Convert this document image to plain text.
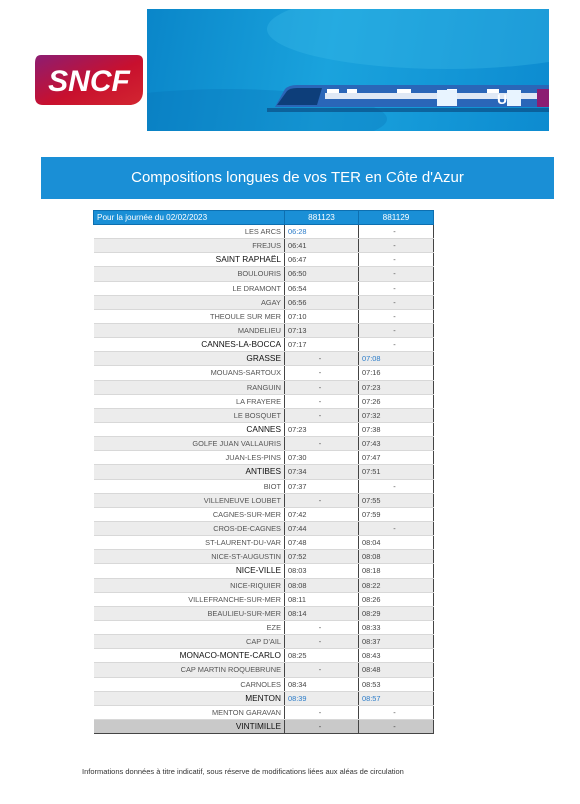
SNCF
U
Compositions longues de vos TER en Côte d'Azur
Pour la journée du 02/02/2023	881123	881129
LES ARCS	06:28	-
FREJUS	06:41	-
SAINT RAPHAËL	06:47	-
BOULOURIS	06:50	-
LE DRAMONT	06:54	-
AGAY	06:56	-
THEOULE SUR MER	07:10	-
MANDELIEU	07:13	-
CANNES-LA-BOCCA	07:17	-
GRASSE	-	07:08
MOUANS-SARTOUX	-	07:16
RANGUIN	-	07:23
LA FRAYERE	-	07:26
LE BOSQUET	-	07:32
CANNES	07:23	07:38
GOLFE JUAN VALLAURIS	-	07:43
JUAN-LES-PINS	07:30	07:47
ANTIBES	07:34	07:51
BIOT	07:37	-
VILLENEUVE LOUBET	-	07:55
CAGNES-SUR-MER	07:42	07:59
CROS-DE-CAGNES	07:44	-
ST-LAURENT-DU-VAR	07:48	08:04
NICE-ST-AUGUSTIN	07:52	08:08
NICE-VILLE	08:03	08:18
NICE-RIQUIER	08:08	08:22
VILLEFRANCHE-SUR-MER	08:11	08:26
BEAULIEU-SUR-MER	08:14	08:29
EZE	-	08:33
CAP D'AIL	-	08:37
MONACO-MONTE-CARLO	08:25	08:43
CAP MARTIN ROQUEBRUNE	-	08:48
CARNOLES	08:34	08:53
MENTON	08:39	08:57
MENTON GARAVAN	-	-
VINTIMILLE	-	-
Informations données à titre indicatif, sous réserve de modifications liées aux aléas de circulation
